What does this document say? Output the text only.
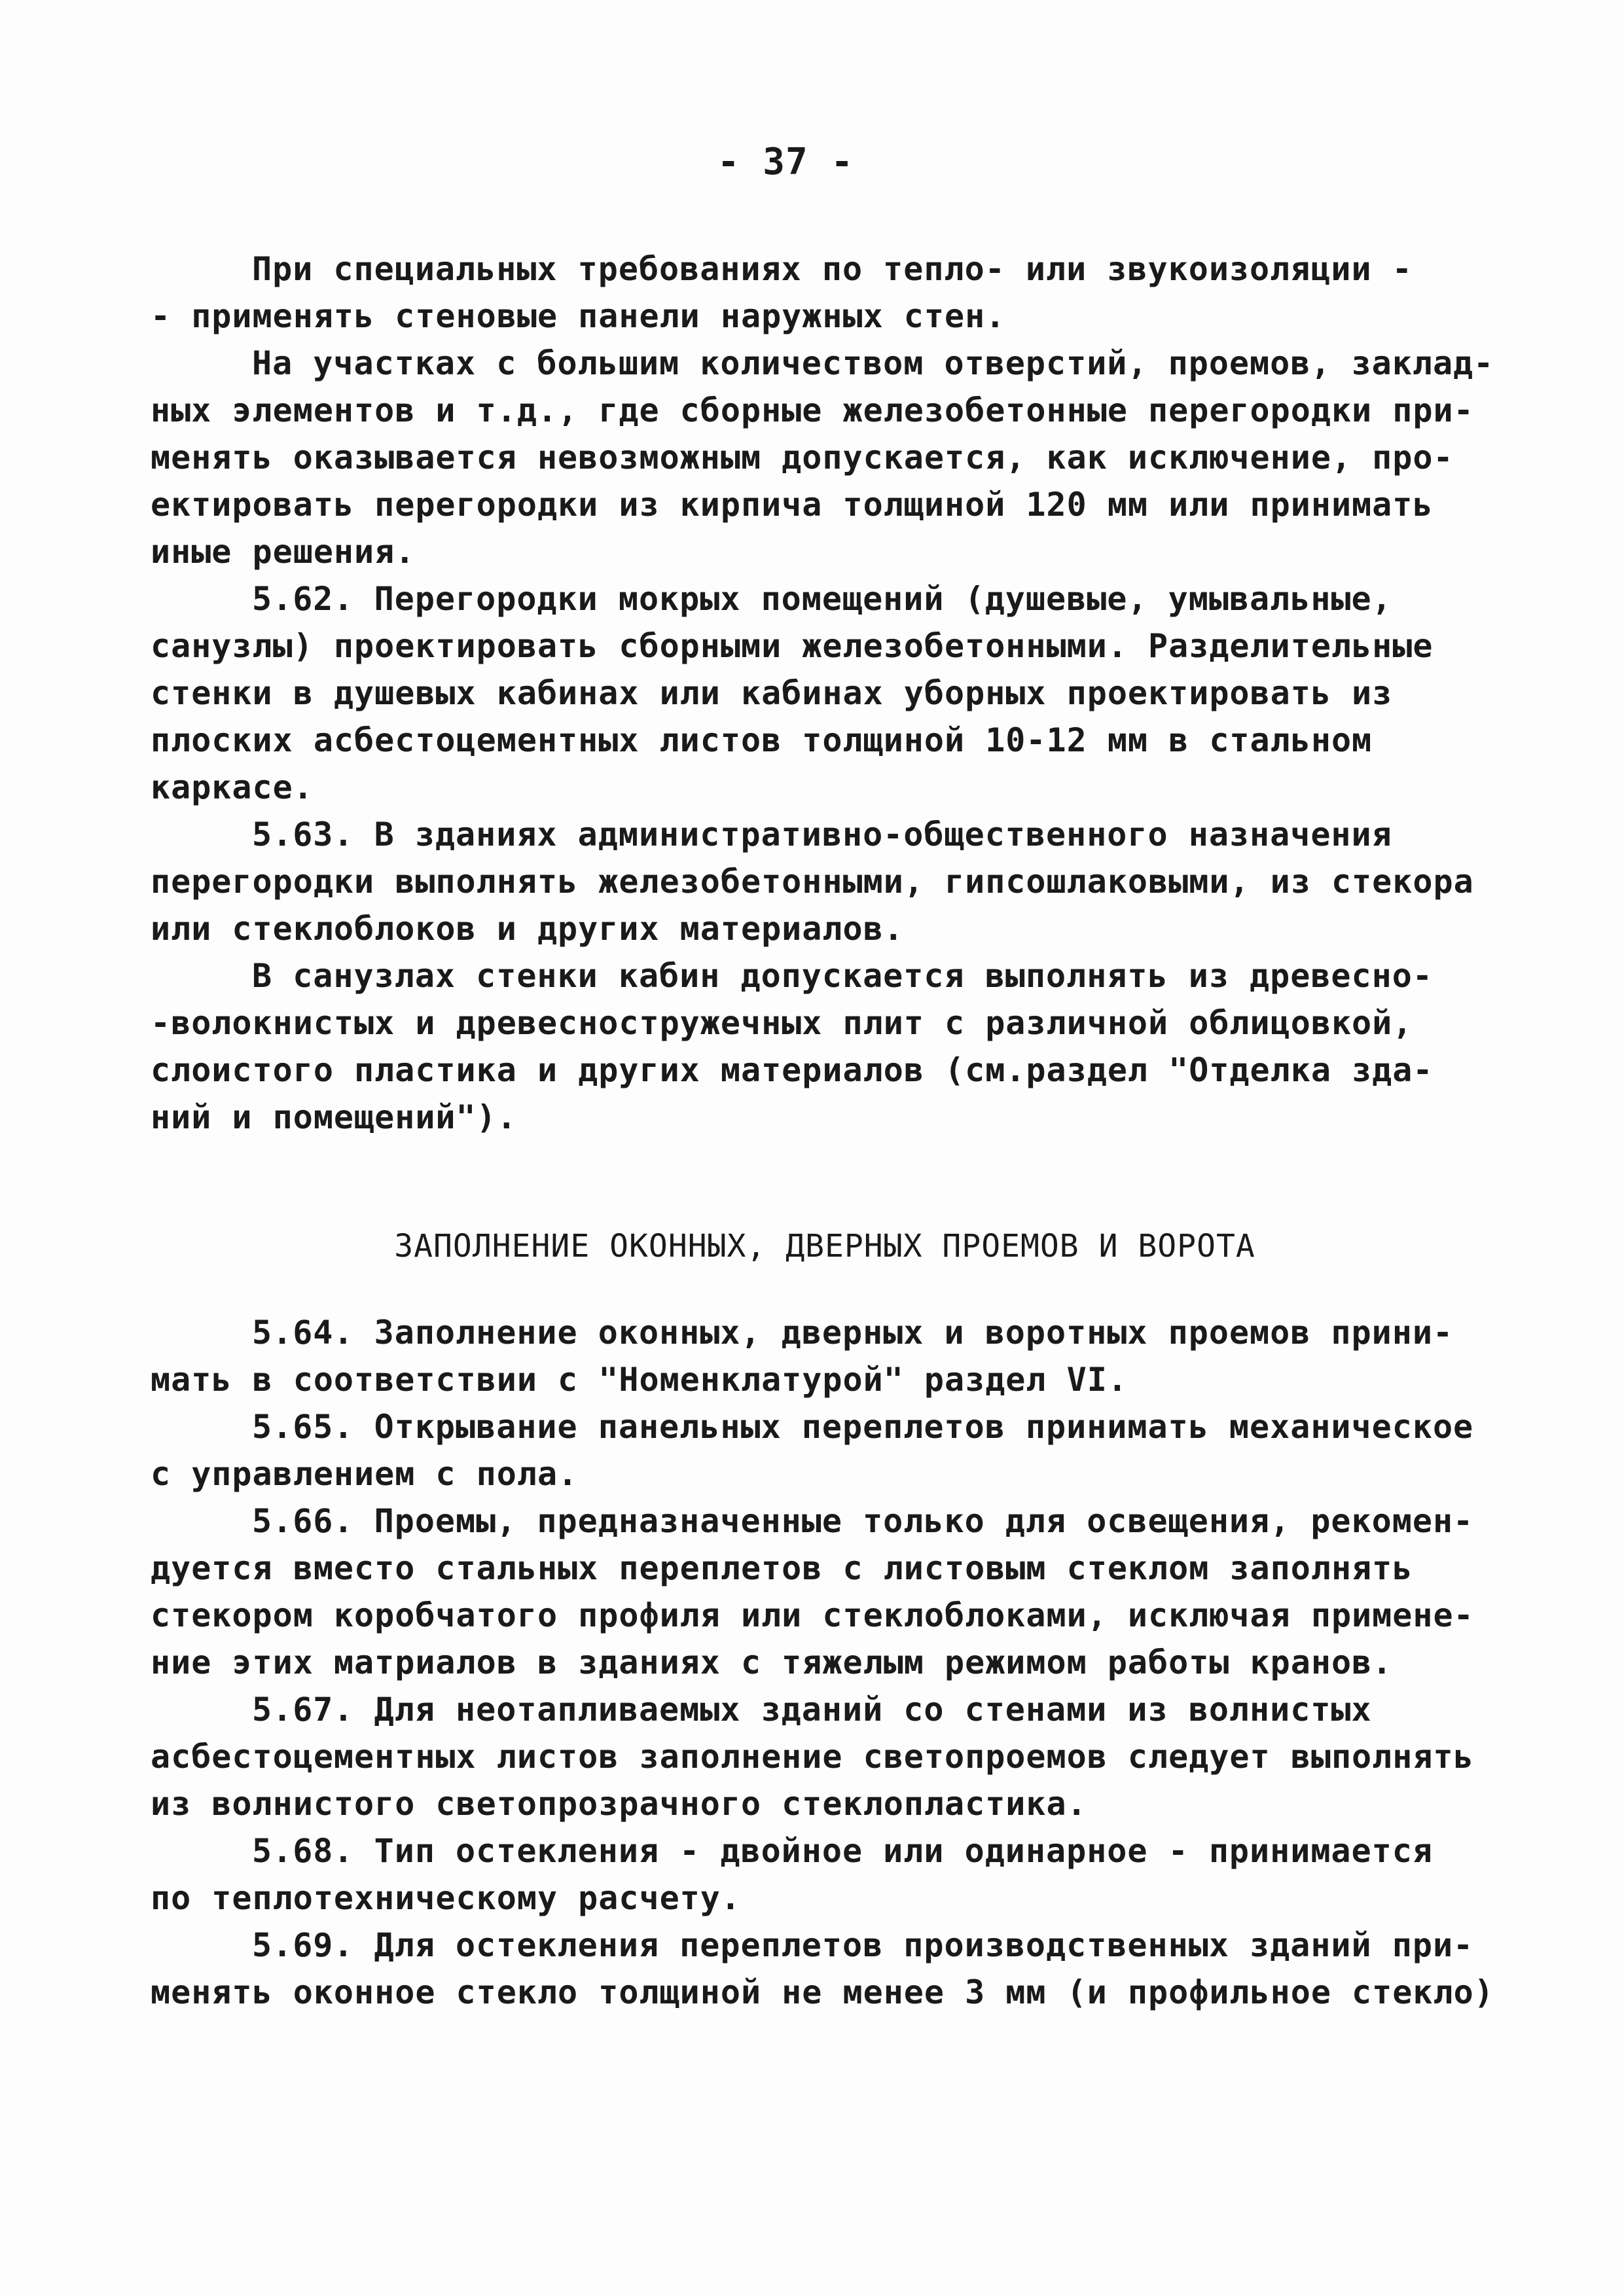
- 37 -
При специальных требованиях по тепло- или звукоизоляции -
- применять стеновые панели наружных стен.
На участках с большим количеством отверстий, проемов, заклад-
ных элементов и т.д., где сборные железобетонные перегородки при-
менять оказывается невозможным допускается, как исключение, про-
ектировать перегородки из кирпича толщиной 120 мм или принимать
иные решения.
5.62. Перегородки мокрых помещений (душевые, умывальные,
санузлы) проектировать сборными железобетонными. Разделительные
стенки в душевых кабинах или кабинах уборных проектировать из
плоских асбестоцементных листов толщиной 10-12 мм в стальном
каркасе.
5.63. В зданиях административно-общественного назначения
перегородки выполнять железобетонными, гипсошлаковыми, из стекора
или стеклоблоков и других материалов.
В санузлах стенки кабин допускается выполнять из древесно-
-волокнистых и древесностружечных плит с различной облицовкой,
слоистого пластика и других материалов (см.раздел "Отделка зда-
ний и помещений").
ЗАПОЛНЕНИЕ ОКОННЫХ, ДВЕРНЫХ ПРОЕМОВ И ВОРОТА
5.64. Заполнение оконных, дверных и воротных проемов прини-
мать в соответствии с "Номенклатурой" раздел VI.
5.65. Открывание панельных переплетов принимать механическое
с управлением с пола.
5.66. Проемы, предназначенные только для освещения, рекомен-
дуется вместо стальных переплетов с листовым стеклом заполнять
стекором коробчатого профиля или стеклоблоками, исключая примене-
ние этих матриалов в зданиях с тяжелым режимом работы кранов.
5.67. Для неотапливаемых зданий со стенами из волнистых
асбестоцементных листов заполнение светопроемов следует выполнять
из волнистого светопрозрачного стеклопластика.
5.68. Тип остекления - двойное или одинарное - принимается
по теплотехническому расчету.
5.69. Для остекления переплетов производственных зданий при-
менять оконное стекло толщиной не менее 3 мм (и профильное стекло)
